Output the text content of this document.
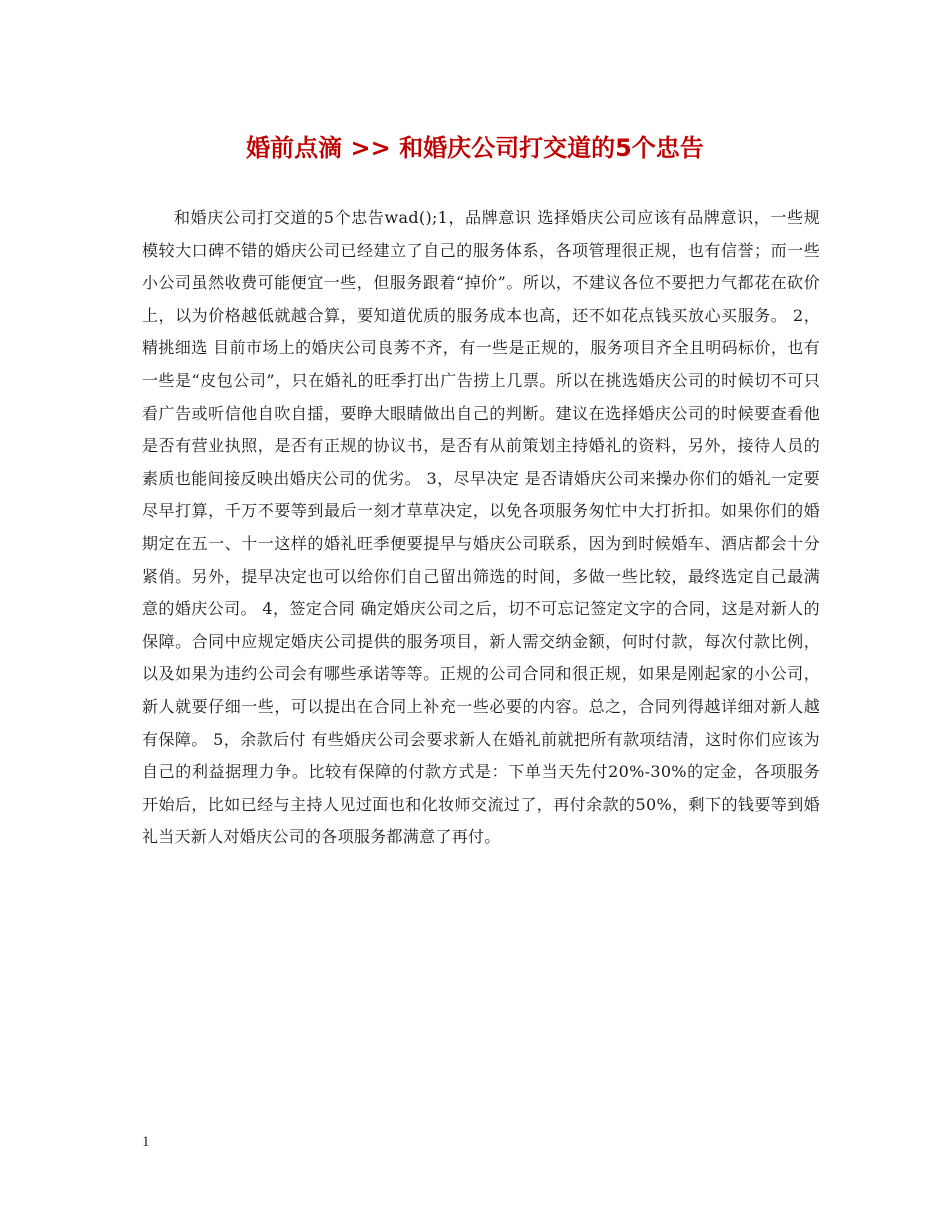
婚前点滴 >> 和婚庆公司打交道的5个忠告

和婚庆公司打交道的5个忠告wad();1，品牌意识 选择婚庆公司应该有品牌意识，一些规模较大口碑不错的婚庆公司已经建立了自己的服务体系，各项管理很正规，也有信誉；而一些小公司虽然收费可能便宜一些，但服务跟着“掉价”。所以，不建议各位不要把力气都花在砍价上，以为价格越低就越合算，要知道优质的服务成本也高，还不如花点钱买放心买服务。 2，精挑细选 目前市场上的婚庆公司良莠不齐，有一些是正规的，服务项目齐全且明码标价，也有一些是“皮包公司”，只在婚礼的旺季打出广告捞上几票。所以在挑选婚庆公司的时候切不可只看广告或听信他自吹自擂，要睁大眼睛做出自己的判断。建议在选择婚庆公司的时候要查看他是否有营业执照，是否有正规的协议书，是否有从前策划主持婚礼的资料，另外，接待人员的素质也能间接反映出婚庆公司的优劣。 3，尽早决定 是否请婚庆公司来操办你们的婚礼一定要尽早打算，千万不要等到最后一刻才草草决定，以免各项服务匆忙中大打折扣。如果你们的婚期定在五一、十一这样的婚礼旺季便要提早与婚庆公司联系，因为到时候婚车、酒店都会十分紧俏。另外，提早决定也可以给你们自己留出筛选的时间，多做一些比较，最终选定自己最满意的婚庆公司。 4，签定合同 确定婚庆公司之后，切不可忘记签定文字的合同，这是对新人的保障。合同中应规定婚庆公司提供的服务项目，新人需交纳金额，何时付款，每次付款比例，以及如果为违约公司会有哪些承诺等等。正规的公司合同和很正规，如果是刚起家的小公司，新人就要仔细一些，可以提出在合同上补充一些必要的内容。总之，合同列得越详细对新人越有保障。 5，余款后付 有些婚庆公司会要求新人在婚礼前就把所有款项结清，这时你们应该为自己的利益据理力争。比较有保障的付款方式是：下单当天先付20%-30%的定金，各项服务开始后，比如已经与主持人见过面也和化妆师交流过了，再付余款的50%，剩下的钱要等到婚礼当天新人对婚庆公司的各项服务都满意了再付。

1
